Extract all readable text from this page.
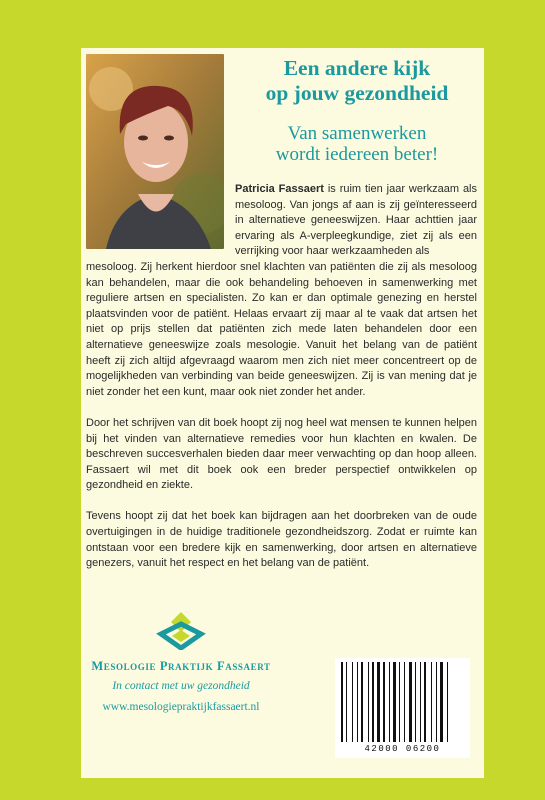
Een andere kijk
op jouw gezondheid
Van samenwerken
wordt iedereen beter!

Patricia Fassaert is ruim tien jaar werkzaam als mesoloog. Van jongs af aan is zij geïnteresseerd in alternatieve geneeswijzen. Haar achttien jaar ervaring als A-verpleegkundige, ziet zij als een verrijking voor haar werkzaamheden als

mesoloog. Zij herkent hierdoor snel klachten van patiënten die zij als mesoloog kan behandelen, maar die ook behandeling behoeven in samenwerking met reguliere artsen en specialisten. Zo kan er dan optimale genezing en herstel plaatsvinden voor de patiënt. Helaas ervaart zij maar al te vaak dat artsen het niet op prijs stellen dat patiënten zich mede laten behandelen door een alternatieve geneeswijze zoals mesologie. Vanuit het belang van de patiënt heeft zij zich altijd afgevraagd waarom men zich niet meer concentreert op de mogelijkheden van verbinding van beide geneeswijzen. Zij is van mening dat je niet zonder het een kunt, maar ook niet zonder het ander.

Door het schrijven van dit boek hoopt zij nog heel wat mensen te kunnen helpen bij het vinden van alternatieve remedies voor hun klachten en kwalen. De beschreven succesverhalen bieden daar meer verwachting op dan hoop alleen. Fassaert wil met dit boek ook een breder perspectief ontwikkelen op gezondheid en ziekte.

Tevens hoopt zij dat het boek kan bijdragen aan het doorbreken van de oude overtuigingen in de huidige traditionele gezondheidszorg. Zodat er ruimte kan ontstaan voor een bredere kijk en samenwerking, door artsen en alternatieve genezers, vanuit het respect en het belang van de patiënt.

Mesologie Praktijk Fassaert
In contact met uw gezondheid
www.mesologiepraktijkfassaert.nl
42000 06200
